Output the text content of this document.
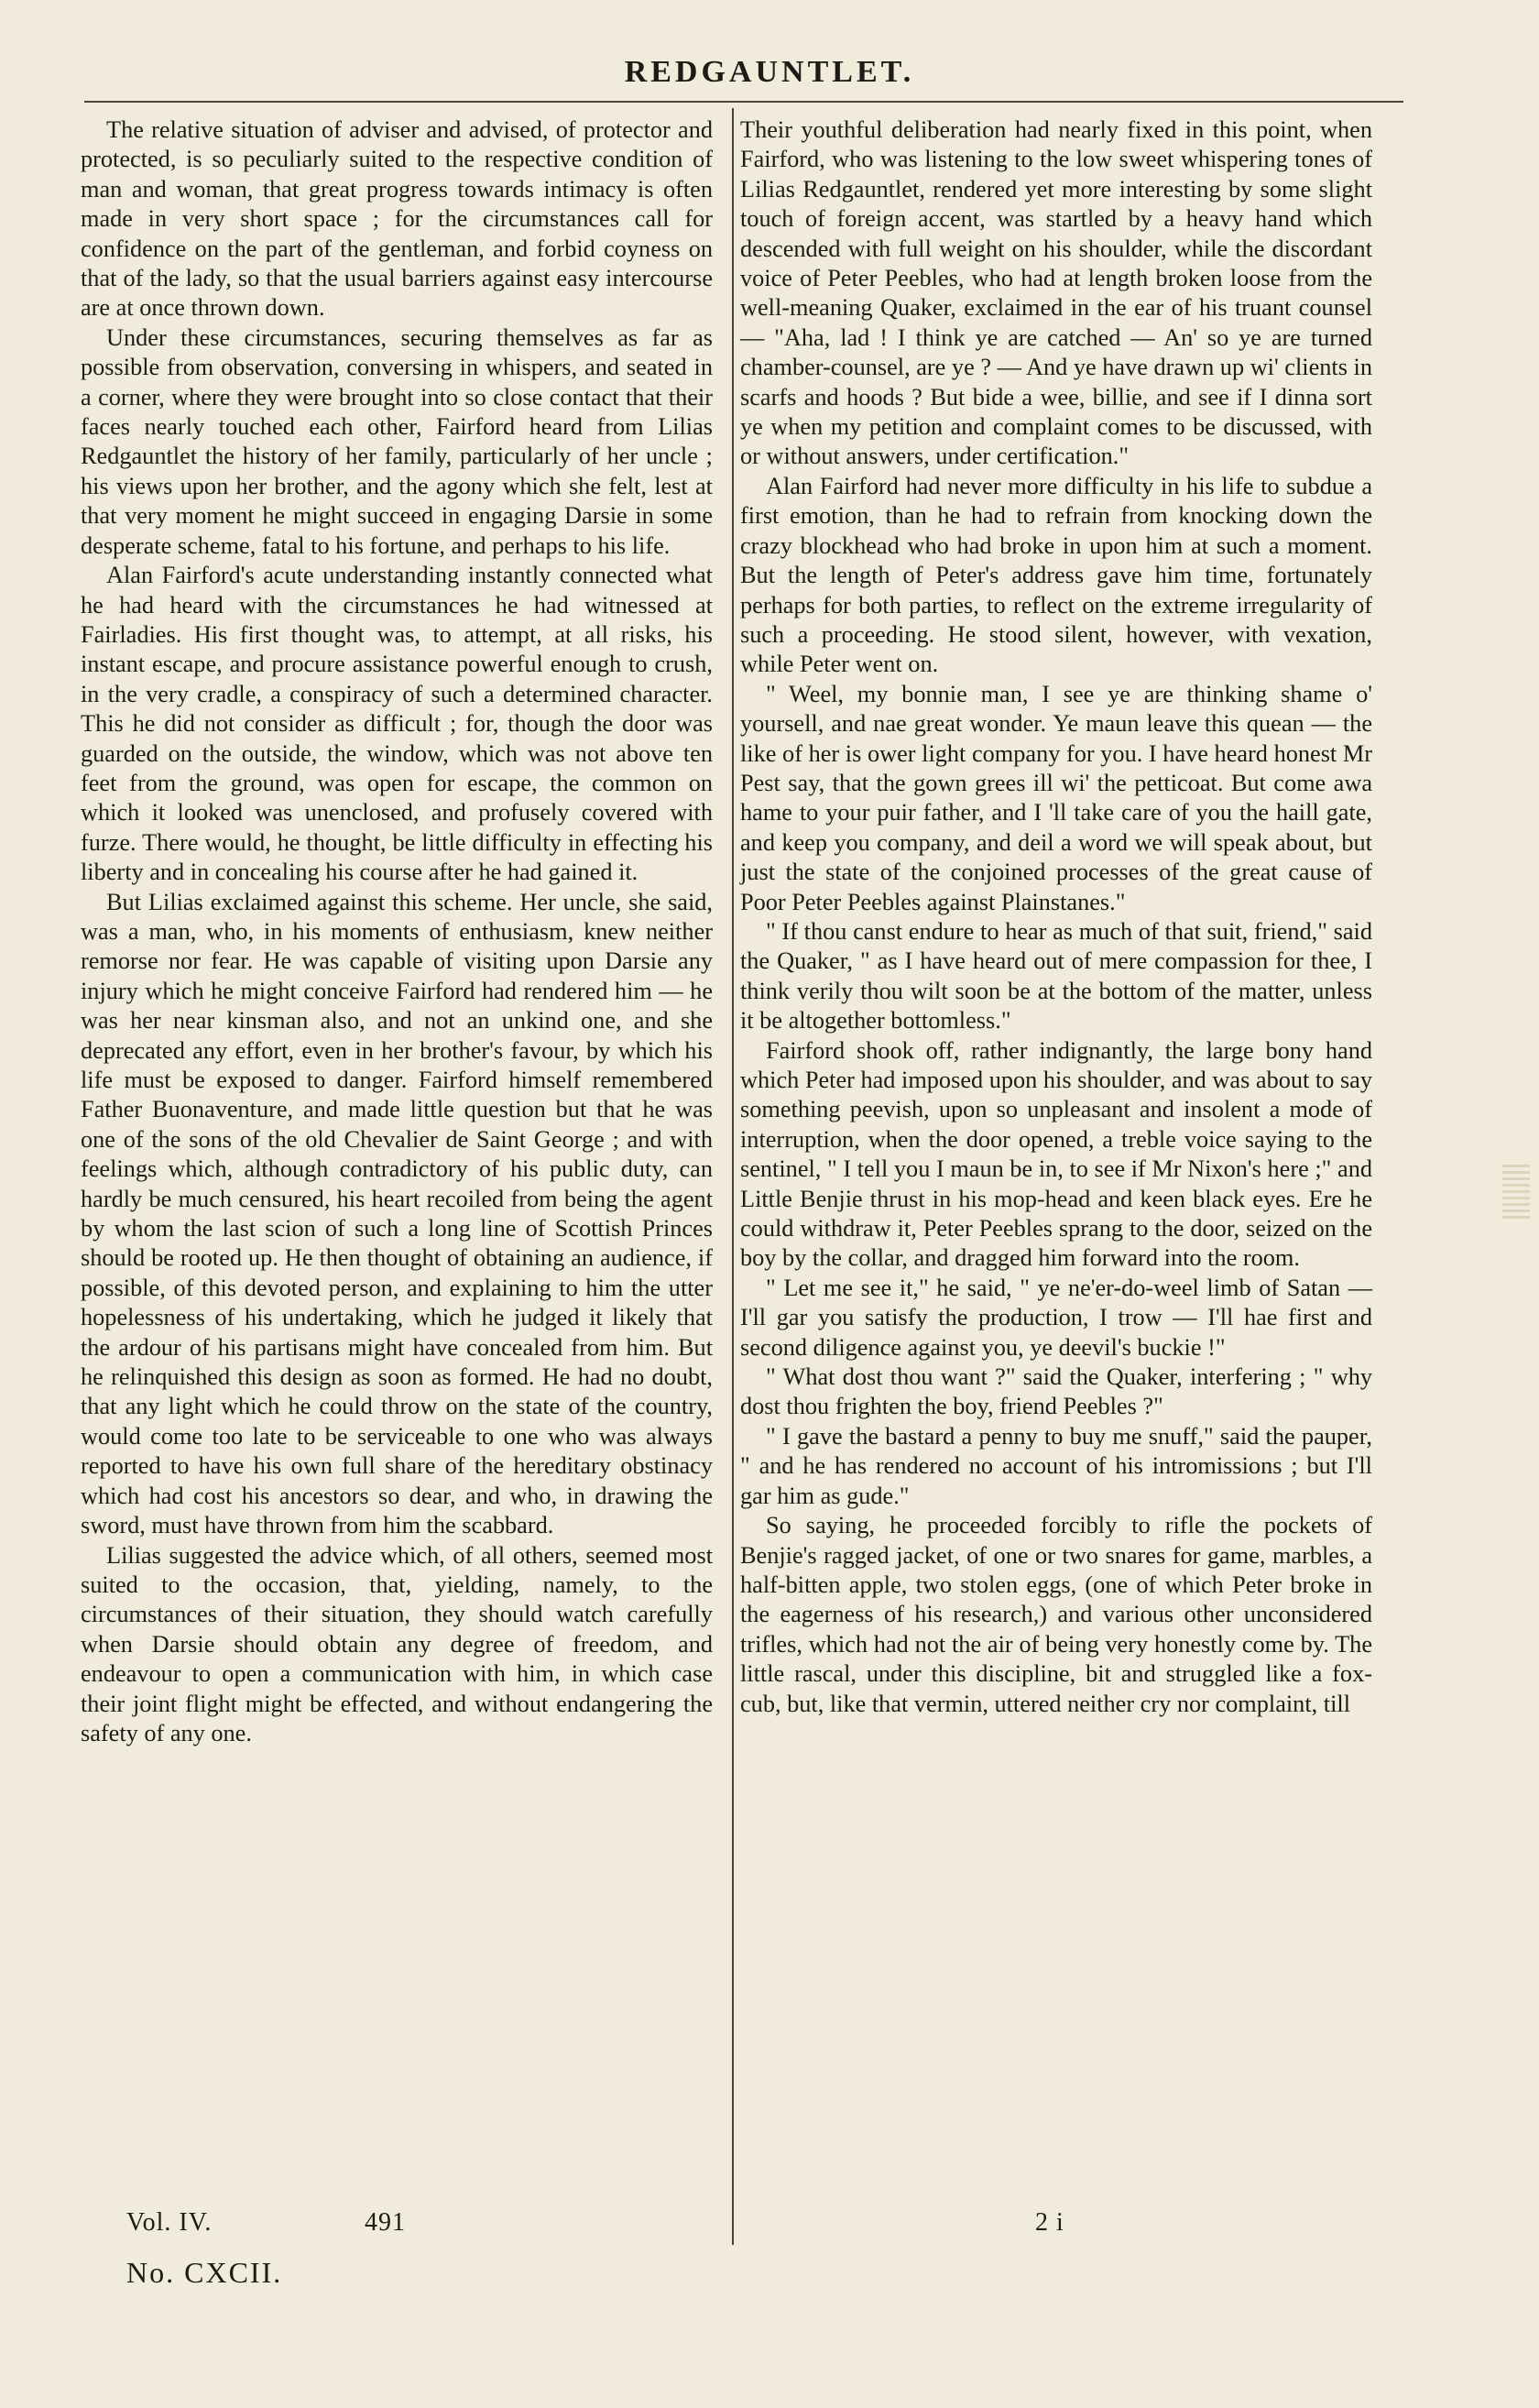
REDGAUNTLET.

The relative situation of adviser and advised, of protector and protected, is so peculiarly suited to the respective condition of man and woman, that great progress towards intimacy is often made in very short space ; for the circumstances call for confidence on the part of the gentleman, and forbid coyness on that of the lady, so that the usual barriers against easy intercourse are at once thrown down.

Under these circumstances, securing themselves as far as possible from observation, conversing in whispers, and seated in a corner, where they were brought into so close contact that their faces nearly touched each other, Fairford heard from Lilias Redgauntlet the history of her family, particularly of her uncle ; his views upon her brother, and the agony which she felt, lest at that very moment he might succeed in engaging Darsie in some desperate scheme, fatal to his fortune, and perhaps to his life.

Alan Fairford's acute understanding instantly connected what he had heard with the circumstances he had witnessed at Fairladies. His first thought was, to attempt, at all risks, his instant escape, and procure assistance powerful enough to crush, in the very cradle, a conspiracy of such a determined character. This he did not consider as difficult ; for, though the door was guarded on the outside, the window, which was not above ten feet from the ground, was open for escape, the common on which it looked was unenclosed, and profusely covered with furze. There would, he thought, be little difficulty in effecting his liberty and in concealing his course after he had gained it.

But Lilias exclaimed against this scheme. Her uncle, she said, was a man, who, in his moments of enthusiasm, knew neither remorse nor fear. He was capable of visiting upon Darsie any injury which he might conceive Fairford had rendered him — he was her near kinsman also, and not an unkind one, and she deprecated any effort, even in her brother's favour, by which his life must be exposed to danger. Fairford himself remembered Father Buonaventure, and made little question but that he was one of the sons of the old Chevalier de Saint George ; and with feelings which, although contradictory of his public duty, can hardly be much censured, his heart recoiled from being the agent by whom the last scion of such a long line of Scottish Princes should be rooted up. He then thought of obtaining an audience, if possible, of this devoted person, and explaining to him the utter hopelessness of his undertaking, which he judged it likely that the ardour of his partisans might have concealed from him. But he relinquished this design as soon as formed. He had no doubt, that any light which he could throw on the state of the country, would come too late to be serviceable to one who was always reported to have his own full share of the hereditary obstinacy which had cost his ancestors so dear, and who, in drawing the sword, must have thrown from him the scabbard.

Lilias suggested the advice which, of all others, seemed most suited to the occasion, that, yielding, namely, to the circumstances of their situation, they should watch carefully when Darsie should obtain any degree of freedom, and endeavour to open a communication with him, in which case their joint flight might be effected, and without endangering the safety of any one.

Their youthful deliberation had nearly fixed in this point, when Fairford, who was listening to the low sweet whispering tones of Lilias Redgauntlet, rendered yet more interesting by some slight touch of foreign accent, was startled by a heavy hand which descended with full weight on his shoulder, while the discordant voice of Peter Peebles, who had at length broken loose from the well-meaning Quaker, exclaimed in the ear of his truant counsel — "Aha, lad ! I think ye are catched — An' so ye are turned chamber-counsel, are ye ? — And ye have drawn up wi' clients in scarfs and hoods ? But bide a wee, billie, and see if I dinna sort ye when my petition and complaint comes to be discussed, with or without answers, under certification."

Alan Fairford had never more difficulty in his life to subdue a first emotion, than he had to refrain from knocking down the crazy blockhead who had broke in upon him at such a moment. But the length of Peter's address gave him time, fortunately perhaps for both parties, to reflect on the extreme irregularity of such a proceeding. He stood silent, however, with vexation, while Peter went on.

" Weel, my bonnie man, I see ye are thinking shame o' yoursell, and nae great wonder. Ye maun leave this quean — the like of her is ower light company for you. I have heard honest Mr Pest say, that the gown grees ill wi' the petticoat. But come awa hame to your puir father, and I 'll take care of you the haill gate, and keep you company, and deil a word we will speak about, but just the state of the conjoined processes of the great cause of Poor Peter Peebles against Plainstanes."

" If thou canst endure to hear as much of that suit, friend," said the Quaker, " as I have heard out of mere compassion for thee, I think verily thou wilt soon be at the bottom of the matter, unless it be altogether bottomless."

Fairford shook off, rather indignantly, the large bony hand which Peter had imposed upon his shoulder, and was about to say something peevish, upon so unpleasant and insolent a mode of interruption, when the door opened, a treble voice saying to the sentinel, " I tell you I maun be in, to see if Mr Nixon's here ;" and Little Benjie thrust in his mop-head and keen black eyes. Ere he could withdraw it, Peter Peebles sprang to the door, seized on the boy by the collar, and dragged him forward into the room.

" Let me see it," he said, " ye ne'er-do-weel limb of Satan — I'll gar you satisfy the production, I trow — I'll hae first and second diligence against you, ye deevil's buckie !"

" What dost thou want ?" said the Quaker, interfering ; " why dost thou frighten the boy, friend Peebles ?"

" I gave the bastard a penny to buy me snuff," said the pauper, " and he has rendered no account of his intromissions ; but I'll gar him as gude."

So saying, he proceeded forcibly to rifle the pockets of Benjie's ragged jacket, of one or two snares for game, marbles, a half-bitten apple, two stolen eggs, (one of which Peter broke in the eagerness of his research,) and various other unconsidered trifles, which had not the air of being very honestly come by. The little rascal, under this discipline, bit and struggled like a fox-cub, but, like that vermin, uttered neither cry nor complaint, till

Vol. IV.	491	2 i
No. CXCII.
